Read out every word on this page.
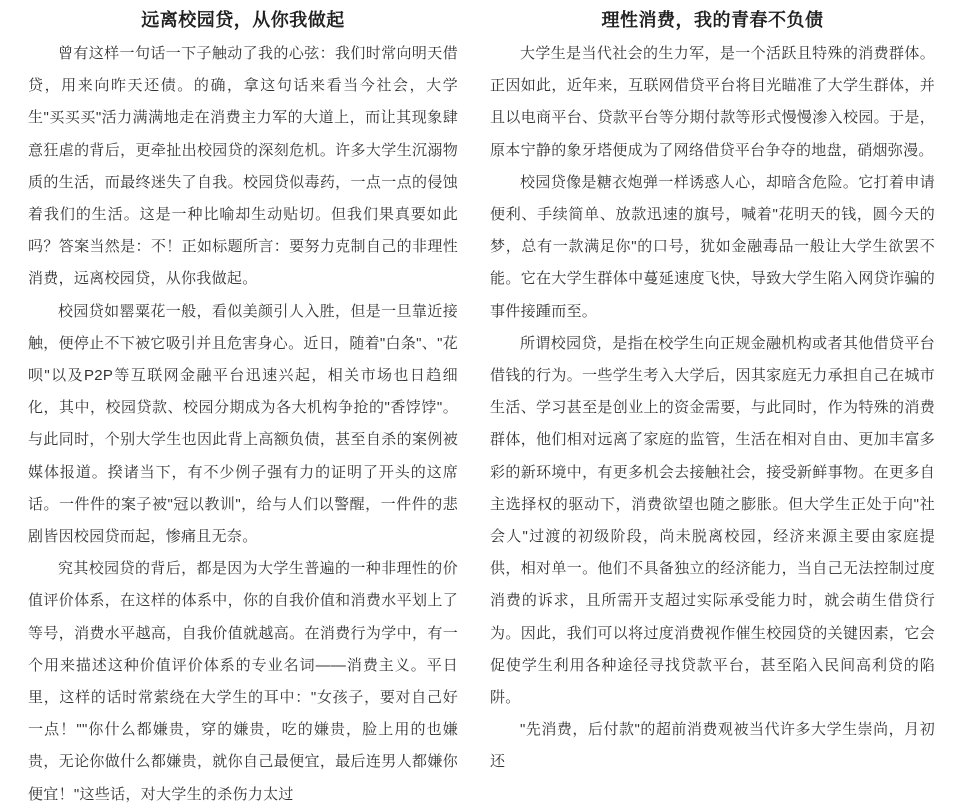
远离校园贷，从你我做起

曾有这样一句话一下子触动了我的心弦：我们时常向明天借贷，用来向昨天还债。的确，拿这句话来看当今社会，大学生"买买买"活力满满地走在消费主力军的大道上，而让其现象肆意狂虐的背后，更牵扯出校园贷的深刻危机。许多大学生沉溺物质的生活，而最终迷失了自我。校园贷似毒药，一点一点的侵蚀着我们的生活。这是一种比喻却生动贴切。但我们果真要如此吗？答案当然是：不！正如标题所言：要努力克制自己的非理性消费，远离校园贷，从你我做起。

校园贷如罂粟花一般，看似美颜引人入胜，但是一旦靠近接触，便停止不下被它吸引并且危害身心。近日，随着"白条"、"花呗"以及P2P等互联网金融平台迅速兴起，相关市场也日趋细化，其中，校园贷款、校园分期成为各大机构争抢的"香饽饽"。与此同时，个别大学生也因此背上高额负债，甚至自杀的案例被媒体报道。揆诸当下，有不少例子强有力的证明了开头的这席话。一件件的案子被"冠以教训"，给与人们以警醒，一件件的悲剧皆因校园贷而起，惨痛且无奈。

究其校园贷的背后，都是因为大学生普遍的一种非理性的价值评价体系，在这样的体系中，你的自我价值和消费水平划上了等号，消费水平越高，自我价值就越高。在消费行为学中，有一个用来描述这种价值评价体系的专业名词——消费主义。平日里，这样的话时常萦绕在大学生的耳中："女孩子，要对自己好一点！""你什么都嫌贵，穿的嫌贵，吃的嫌贵，脸上用的也嫌贵，无论你做什么都嫌贵，就你自己最便宜，最后连男人都嫌你便宜！"这些话，对大学生的杀伤力太过

理性消费，我的青春不负债

大学生是当代社会的生力军，是一个活跃且特殊的消费群体。正因如此，近年来，互联网借贷平台将目光瞄准了大学生群体，并且以电商平台、贷款平台等分期付款等形式慢慢渗入校园。于是，原本宁静的象牙塔便成为了网络借贷平台争夺的地盘，硝烟弥漫。

校园贷像是糖衣炮弹一样诱惑人心，却暗含危险。它打着申请便利、手续简单、放款迅速的旗号，喊着"花明天的钱，圆今天的梦，总有一款满足你"的口号，犹如金融毒品一般让大学生欲罢不能。它在大学生群体中蔓延速度飞快，导致大学生陷入网贷诈骗的事件接踵而至。

所谓校园贷，是指在校学生向正规金融机构或者其他借贷平台借钱的行为。一些学生考入大学后，因其家庭无力承担自己在城市生活、学习甚至是创业上的资金需要，与此同时，作为特殊的消费群体，他们相对远离了家庭的监管，生活在相对自由、更加丰富多彩的新环境中，有更多机会去接触社会，接受新鲜事物。在更多自主选择权的驱动下，消费欲望也随之膨胀。但大学生正处于向"社会人"过渡的初级阶段，尚未脱离校园，经济来源主要由家庭提供，相对单一。他们不具备独立的经济能力，当自己无法控制过度消费的诉求，且所需开支超过实际承受能力时，就会萌生借贷行为。因此，我们可以将过度消费视作催生校园贷的关键因素，它会促使学生利用各种途径寻找贷款平台，甚至陷入民间高利贷的陷阱。

"先消费，后付款"的超前消费观被当代许多大学生崇尚，月初还
